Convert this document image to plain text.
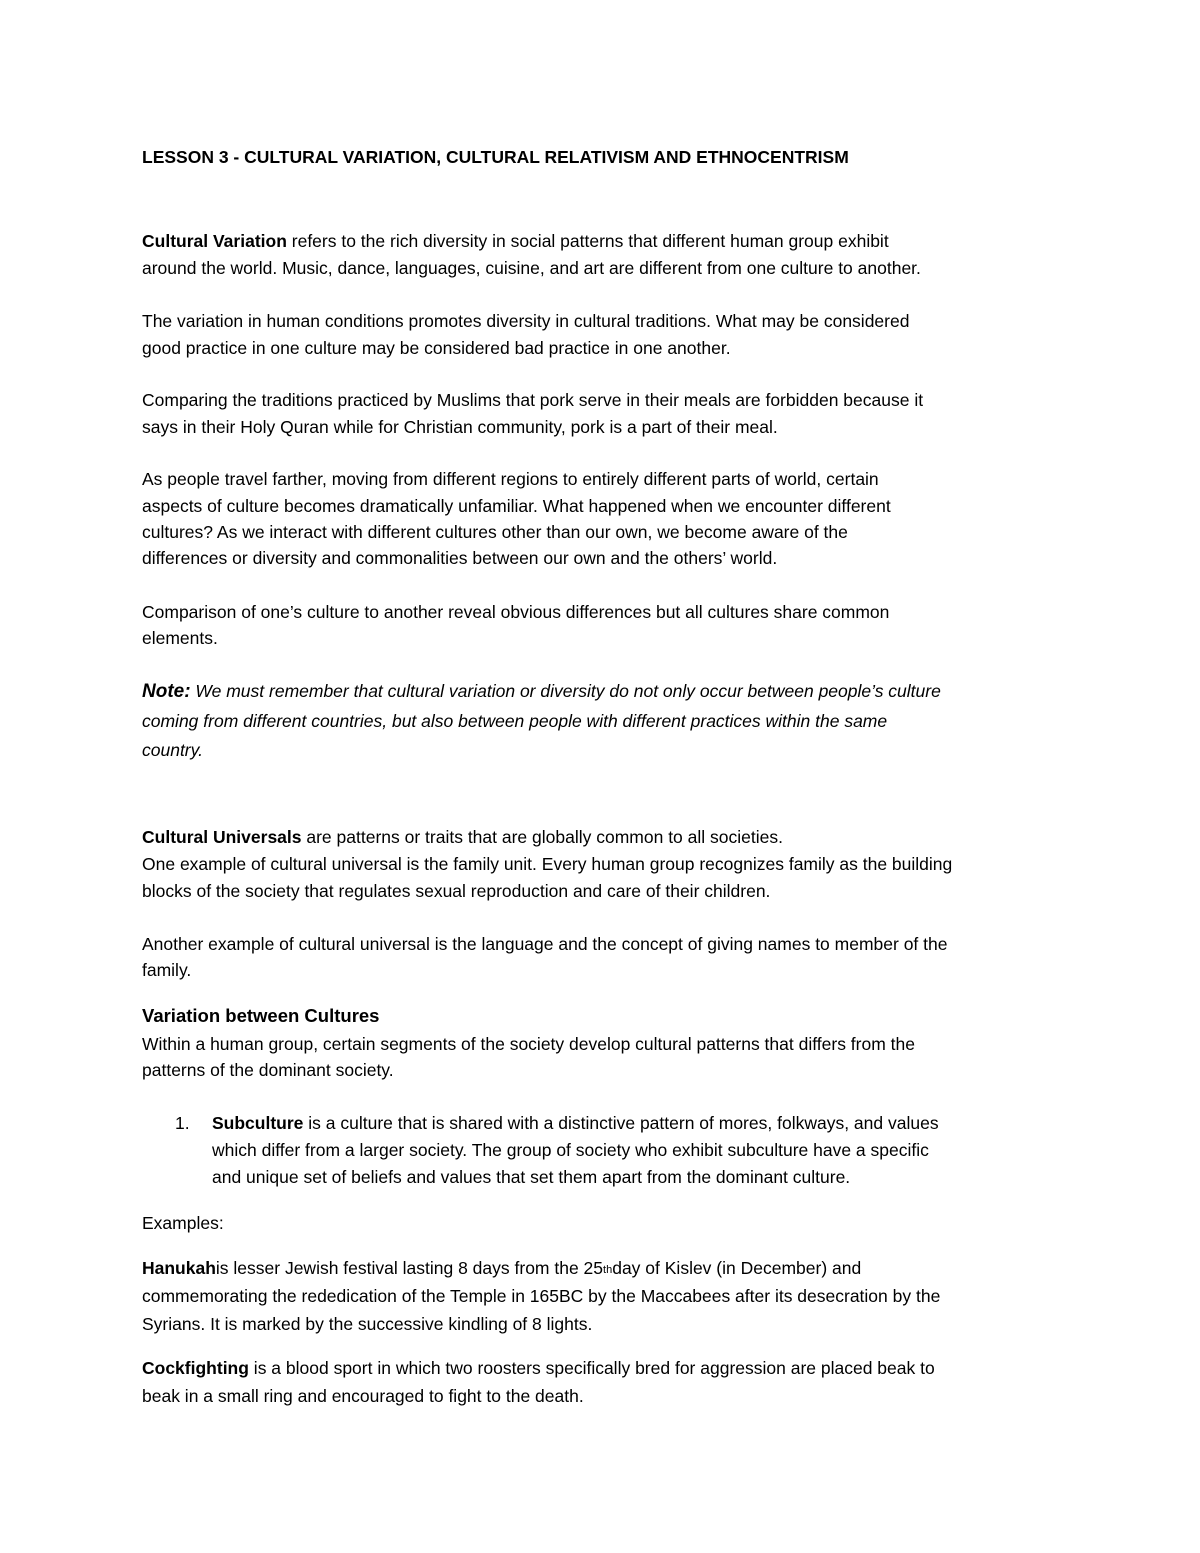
LESSON 3 - CULTURAL VARIATION, CULTURAL RELATIVISM AND ETHNOCENTRISM

Cultural Variation refers to the rich diversity in social patterns that different human group exhibit

around the world. Music, dance, languages, cuisine, and art are different from one culture to another.

The variation in human conditions promotes diversity in cultural traditions. What may be considered

good practice in one culture may be considered bad practice in one another.

Comparing the traditions practiced by Muslims that pork serve in their meals are forbidden because it

says in their Holy Quran while for Christian community, pork is a part of their meal.

As people travel farther, moving from different regions to entirely different parts of world, certain

aspects of culture becomes dramatically unfamiliar. What happened when we encounter different

cultures? As we interact with different cultures other than our own, we become aware of the

differences or diversity and commonalities between our own and the others’ world.

Comparison of one’s culture to another reveal obvious differences but all cultures share common

elements.

Note: We must remember that cultural variation or diversity do not only occur between people’s culture

coming from different countries, but also between people with different practices within the same

country.

Cultural Universals are patterns or traits that are globally common to all societies.

One example of cultural universal is the family unit. Every human group recognizes family as the building

blocks of the society that regulates sexual reproduction and care of their children.

Another example of cultural universal is the language and the concept of giving names to member of the

family.

Variation between Cultures

Within a human group, certain segments of the society develop cultural patterns that differs from the

patterns of the dominant society.

1. Subculture is a culture that is shared with a distinctive pattern of mores, folkways, and values

which differ from a larger society. The group of society who exhibit subculture have a specific

and unique set of beliefs and values that set them apart from the dominant culture.

Examples:

Hanukahis lesser Jewish festival lasting 8 days from the 25thday of Kislev (in December) and

commemorating the rededication of the Temple in 165BC by the Maccabees after its desecration by the

Syrians. It is marked by the successive kindling of 8 lights.

Cockfighting is a blood sport in which two roosters specifically bred for aggression are placed beak to

beak in a small ring and encouraged to fight to the death.
